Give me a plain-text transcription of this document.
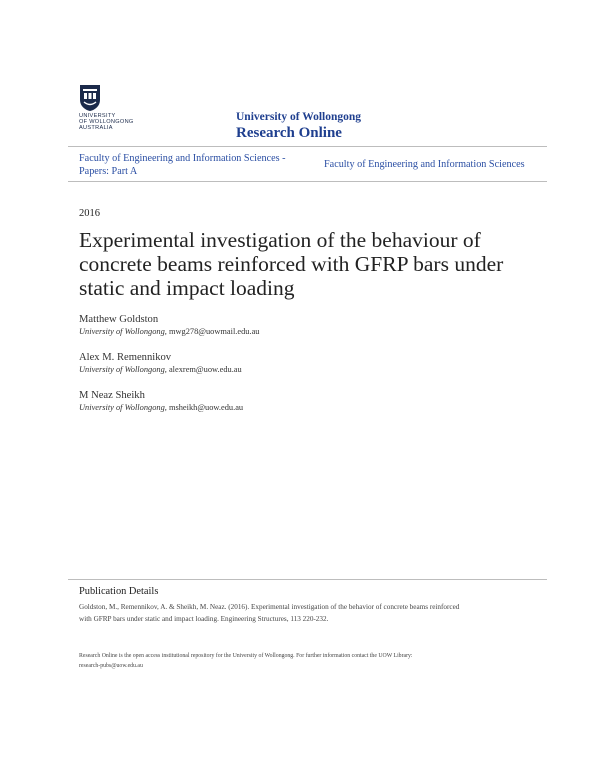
UNIVERSITY
OF WOLLONGONG
AUSTRALIA
University of Wollongong
Research Online
Faculty of Engineering and Information Sciences -
Papers: Part A
Faculty of Engineering and Information Sciences
2016
Experimental investigation of the behaviour of
concrete beams reinforced with GFRP bars under
static and impact loading
Matthew Goldston
University of Wollongong, mwg278@uowmail.edu.au
Alex M. Remennikov
University of Wollongong, alexrem@uow.edu.au
M Neaz Sheikh
University of Wollongong, msheikh@uow.edu.au
Publication Details
Goldston, M., Remennikov, A. & Sheikh, M. Neaz. (2016). Experimental investigation of the behavior of concrete beams reinforced
with GFRP bars under static and impact loading. Engineering Structures, 113 220-232.
Research Online is the open access institutional repository for the University of Wollongong. For further information contact the UOW Library:
research-pubs@uow.edu.au
